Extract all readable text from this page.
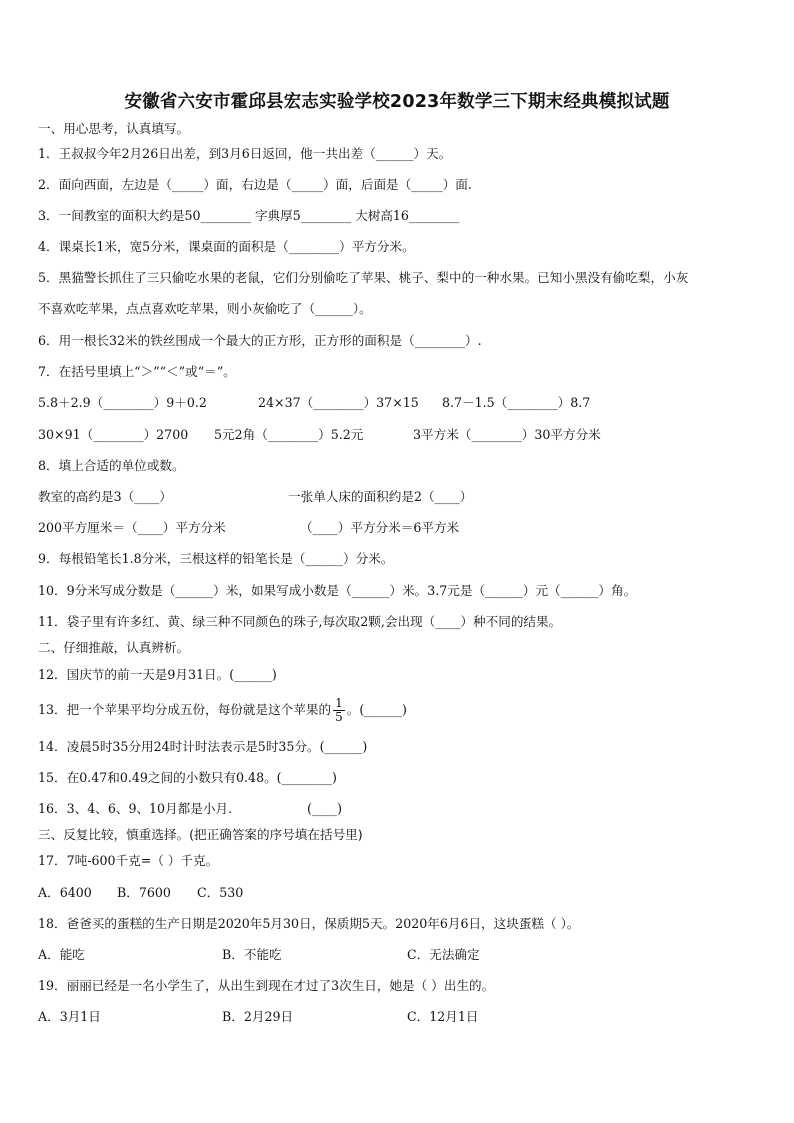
安徽省六安市霍邱县宏志实验学校2023年数学三下期末经典模拟试题
一、用心思考，认真填写。
1．王叔叔今年2月26日出差，到3月6日返回，他一共出差（______）天。
2．面向西面，左边是（_____）面，右边是（_____）面，后面是（_____）面.
3．一间教室的面积大约是50________ 字典厚5________ 大树高16________
4．课桌长1米，宽5分米，课桌面的面积是（________）平方分米。
5．黑猫警长抓住了三只偷吃水果的老鼠，它们分别偷吃了苹果、桃子、梨中的一种水果。已知小黑没有偷吃梨，小灰
不喜欢吃苹果，点点喜欢吃苹果，则小灰偷吃了（______）。
6．用一根长32米的铁丝围成一个最大的正方形，正方形的面积是（________）.
7．在括号里填上“＞”“＜”或“＝”。
5.8＋2.9（________）9＋0.2	24×37（________）37×15 8.7－1.5（________）8.7
30×91（________）2700 5元2角（________）5.2元	3平方米（________）30平方分米
8．填上合适的单位或数。
教室的高约是3（____）	一张单人床的面积约是2（____）
200平方厘米＝（____）平方分米	（____）平方分米＝6平方米
9．每根铅笔长1.8分米，三根这样的铅笔长是（______）分米。
10．9分米写成分数是（______）米，如果写成小数是（______）米。3.7元是（______）元（______）角。
11．袋子里有许多红、黄、绿三种不同颜色的珠子,每次取2颗,会出现（____）种不同的结果。
二、仔细推敲，认真辨析。
12．国庆节的前一天是9月31日。(______)
13．把一个苹果平均分成五份，每份就是这个苹果的 $\frac{1}{5}$ 。(______)
14．凌晨5时35分用24时计时法表示是5时35分。(______)
15．在0.47和0.49之间的小数只有0.48。(________)
16．3、4、6、9、10月都是小月.	(____)
三、反复比较，慎重选择。(把正确答案的序号填在括号里)
17．7吨-600千克=（ ）千克。
A．6400 B．7600 C．530
18．爸爸买的蛋糕的生产日期是2020年5月30日，保质期5天。2020年6月6日，这块蛋糕（ ）。
A．能吃	B．不能吃	C．无法确定
19．丽丽已经是一名小学生了，从出生到现在才过了3次生日，她是（ ）出生的。
A．3月1日	B．2月29日	C．12月1日
